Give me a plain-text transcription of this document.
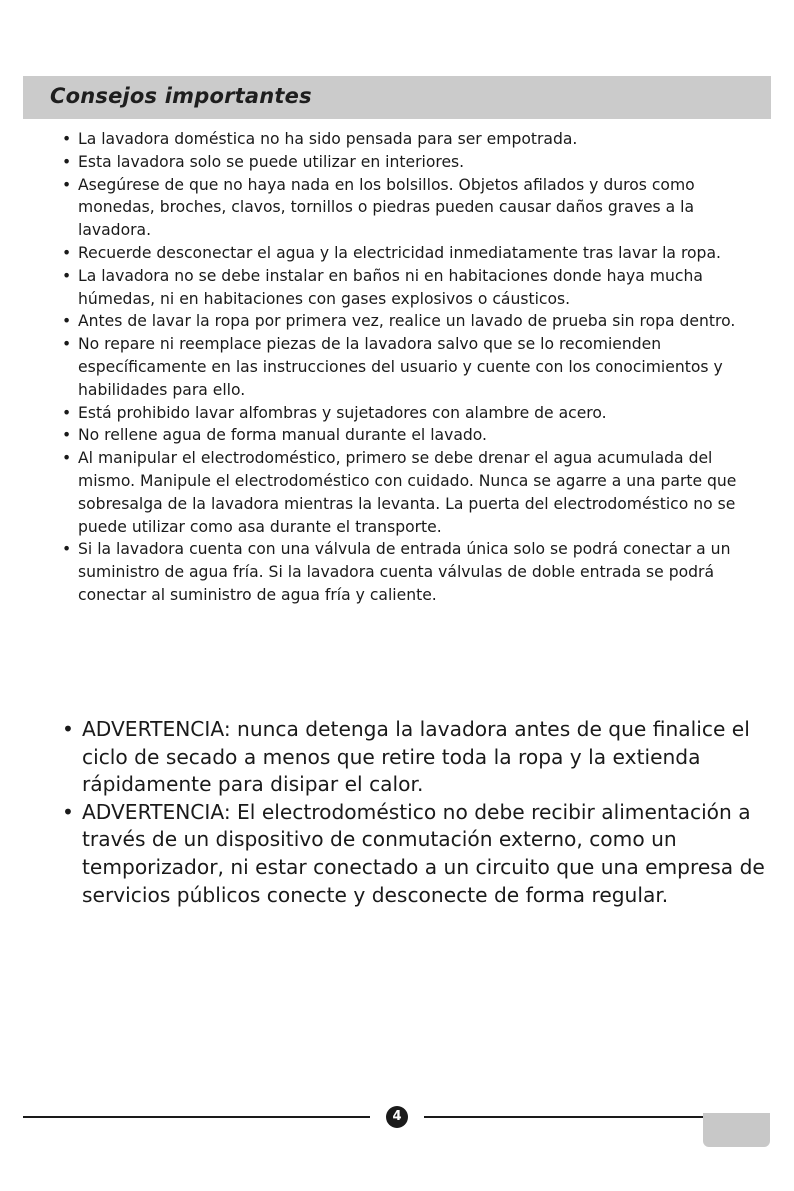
Consejos importantes
• La lavadora doméstica no ha sido pensada para ser empotrada.
• Esta lavadora solo se puede utilizar en interiores.
• Asegúrese de que no haya nada en los bolsillos. Objetos afilados y duros como monedas, broches, clavos, tornillos o piedras pueden causar daños graves a la lavadora.
• Recuerde desconectar el agua y la electricidad inmediatamente tras lavar la ropa.
• La lavadora no se debe instalar en baños ni en habitaciones donde haya mucha húmedas, ni en habitaciones con gases explosivos o cáusticos.
• Antes de lavar la ropa por primera vez, realice un lavado de prueba sin ropa dentro.
• No repare ni reemplace piezas de la lavadora salvo que se lo recomienden específicamente en las instrucciones del usuario y cuente con los conocimientos y habilidades para ello.
• Está prohibido lavar alfombras y sujetadores con alambre de acero.
• No rellene agua de forma manual durante el lavado.
• Al manipular el electrodoméstico, primero se debe drenar el agua acumulada del mismo. Manipule el electrodoméstico con cuidado. Nunca se agarre a una parte que sobresalga de la lavadora mientras la levanta. La puerta del electrodoméstico no se puede utilizar como asa durante el transporte.
• Si la lavadora cuenta con una válvula de entrada única solo se podrá conectar a un suministro de agua fría. Si la lavadora cuenta válvulas de doble entrada se podrá conectar al suministro de agua fría y caliente.
• ADVERTENCIA: nunca detenga la lavadora antes de que finalice el ciclo de secado a menos que retire toda la ropa y la extienda rápidamente para disipar el calor.
• ADVERTENCIA: El electrodoméstico no debe recibir alimentación a través de un dispositivo de conmutación externo, como un temporizador, ni estar conectado a un circuito que una empresa de servicios públicos conecte y desconecte de forma regular.
4
